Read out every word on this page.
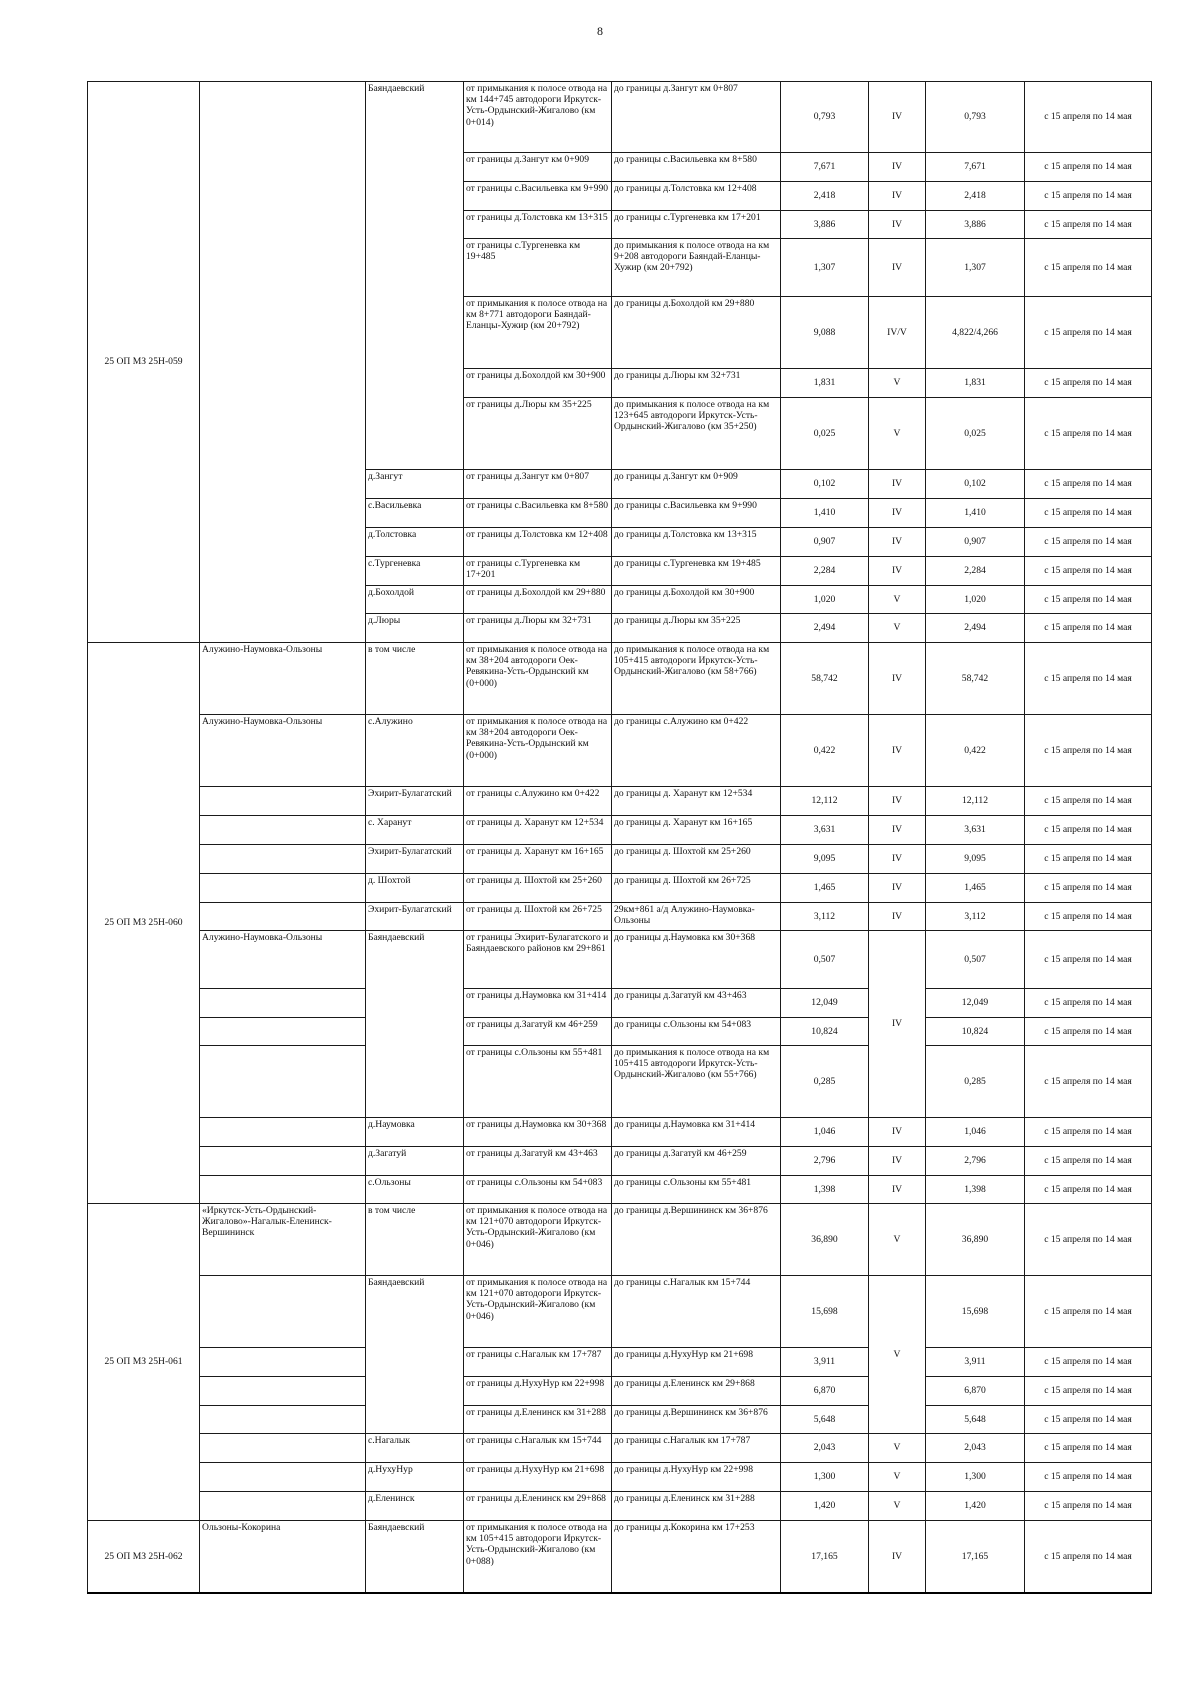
8
25 ОП МЗ 25Н-059		Баяндаевский	от примыкания к полосе отвода на км 144+745 автодороги Иркутск-Усть-Ордынский-Жигалово (км 0+014)	до границы д.Зангут км 0+807	0,793	IV	0,793	с 15 апреля по 14 мая
			от границы д.Зангут км 0+909	до границы с.Васильевка км 8+580	7,671	IV	7,671	с 15 апреля по 14 мая
			от границы с.Васильевка км 9+990	до границы д.Толстовка км 12+408	2,418	IV	2,418	с 15 апреля по 14 мая
			от границы д.Толстовка км 13+315	до границы с.Тургеневка км 17+201	3,886	IV	3,886	с 15 апреля по 14 мая
			от границы с.Тургеневка км 19+485	до примыкания к полосе отвода на км 9+208 автодороги Баяндай-Еланцы-Хужир (км 20+792)	1,307	IV	1,307	с 15 апреля по 14 мая
			от примыкания к полосе отвода на км 8+771 автодороги Баяндай-Еланцы-Хужир (км 20+792)	до границы д.Бохолдой км 29+880	9,088	IV/V	4,822/4,266	с 15 апреля по 14 мая
			от границы д.Бохолдой км 30+900	до границы д.Люры км 32+731	1,831	V	1,831	с 15 апреля по 14 мая
			от границы д.Люры км 35+225	до примыкания к полосе отвода на км 123+645 автодороги Иркутск-Усть-Ордынский-Жигалово (км 35+250)	0,025	V	0,025	с 15 апреля по 14 мая
		д.Зангут	от границы д.Зангут км 0+807	до границы д.Зангут км 0+909	0,102	IV	0,102	с 15 апреля по 14 мая
		с.Васильевка	от границы с.Васильевка км 8+580	до границы с.Васильевка км 9+990	1,410	IV	1,410	с 15 апреля по 14 мая
		д.Толстовка	от границы д.Толстовка км 12+408	до границы д.Толстовка км 13+315	0,907	IV	0,907	с 15 апреля по 14 мая
		с.Тургеневка	от границы с.Тургеневка км 17+201	до границы с.Тургеневка км 19+485	2,284	IV	2,284	с 15 апреля по 14 мая
		д.Бохолдой	от границы д.Бохолдой км 29+880	до границы д.Бохолдой км 30+900	1,020	V	1,020	с 15 апреля по 14 мая
		д.Люры	от границы д.Люры км 32+731	до границы д.Люры км 35+225	2,494	V	2,494	с 15 апреля по 14 мая
25 ОП МЗ 25Н-060	Алужино-Наумовка-Ользоны	в том числе	от примыкания к полосе отвода на км 38+204 автодороги Оек-Ревякина-Усть-Ордынский км (0+000)	до примыкания к полосе отвода на км 105+415 автодороги Иркутск-Усть-Ордынский-Жигалово (км 58+766)	58,742	IV	58,742	с 15 апреля по 14 мая
	Алужино-Наумовка-Ользоны	с.Алужино	от примыкания к полосе отвода на км 38+204 автодороги Оек-Ревякина-Усть-Ордынский км (0+000)	до границы с.Алужино км 0+422	0,422	IV	0,422	с 15 апреля по 14 мая
		Эхирит-Булагатский	от границы с.Алужино км 0+422	до границы д. Харанут км 12+534	12,112	IV	12,112	с 15 апреля по 14 мая
		с. Харанут	от границы д. Харанут км 12+534	до границы д. Харанут км 16+165	3,631	IV	3,631	с 15 апреля по 14 мая
		Эхирит-Булагатский	от границы д. Харанут км 16+165	до границы д. Шохтой км 25+260	9,095	IV	9,095	с 15 апреля по 14 мая
		д. Шохтой	от границы д. Шохтой км 25+260	до границы д. Шохтой км 26+725	1,465	IV	1,465	с 15 апреля по 14 мая
		Эхирит-Булагатский	от границы д. Шохтой км 26+725	29км+861 а/д Алужино-Наумовка-Ользоны	3,112	IV	3,112	с 15 апреля по 14 мая
	Алужино-Наумовка-Ользоны	Баяндаевский	от границы Эхирит-Булагатского и Баяндаевского районов км 29+861	до границы д.Наумовка км 30+368	0,507	IV	0,507	с 15 апреля по 14 мая
			от границы д.Наумовка км 31+414	до границы д.Загатуй км 43+463	12,049		12,049	с 15 апреля по 14 мая
			от границы д.Загатуй км 46+259	до границы с.Ользоны км 54+083	10,824		10,824	с 15 апреля по 14 мая
			от границы с.Ользоны км 55+481	до примыкания к полосе отвода на км 105+415 автодороги Иркутск-Усть-Ордынский-Жигалово (км 55+766)	0,285		0,285	с 15 апреля по 14 мая
		д.Наумовка	от границы д.Наумовка км 30+368	до границы д.Наумовка км 31+414	1,046	IV	1,046	с 15 апреля по 14 мая
		д.Загатуй	от границы д.Загатуй км 43+463	до границы д.Загатуй км 46+259	2,796	IV	2,796	с 15 апреля по 14 мая
		с.Ользоны	от границы с.Ользоны км 54+083	до границы с.Ользоны км 55+481	1,398	IV	1,398	с 15 апреля по 14 мая
25 ОП МЗ 25Н-061	«Иркутск-Усть-Ордынский-Жигалово»-Нагалык-Еленинск-Вершининск	в том числе	от примыкания к полосе отвода на км 121+070 автодороги Иркутск-Усть-Ордынский-Жигалово (км 0+046)	до границы д.Вершининск км 36+876	36,890	V	36,890	с 15 апреля по 14 мая
		Баяндаевский	от примыкания к полосе отвода на км 121+070 автодороги Иркутск-Усть-Ордынский-Жигалово (км 0+046)	до границы с.Нагалык км 15+744	15,698	V	15,698	с 15 апреля по 14 мая
			от границы с.Нагалык км 17+787	до границы д.НухуНур км 21+698	3,911		3,911	с 15 апреля по 14 мая
			от границы д.НухуНур км 22+998	до границы д.Еленинск км 29+868	6,870		6,870	с 15 апреля по 14 мая
			от границы д.Еленинск км 31+288	до границы д.Вершининск км 36+876	5,648		5,648	с 15 апреля по 14 мая
		с.Нагалык	от границы с.Нагалык км 15+744	до границы с.Нагалык км 17+787	2,043	V	2,043	с 15 апреля по 14 мая
		д.НухуНур	от границы д.НухуНур км 21+698	до границы д.НухуНур км 22+998	1,300	V	1,300	с 15 апреля по 14 мая
		д.Еленинск	от границы д.Еленинск км 29+868	до границы д.Еленинск км 31+288	1,420	V	1,420	с 15 апреля по 14 мая
25 ОП МЗ 25Н-062	Ользоны-Кокорина	Баяндаевский	от примыкания к полосе отвода на км 105+415 автодороги Иркутск-Усть-Ордынский-Жигалово (км 0+088)	до границы д.Кокорина км 17+253	17,165	IV	17,165	с 15 апреля по 14 мая
